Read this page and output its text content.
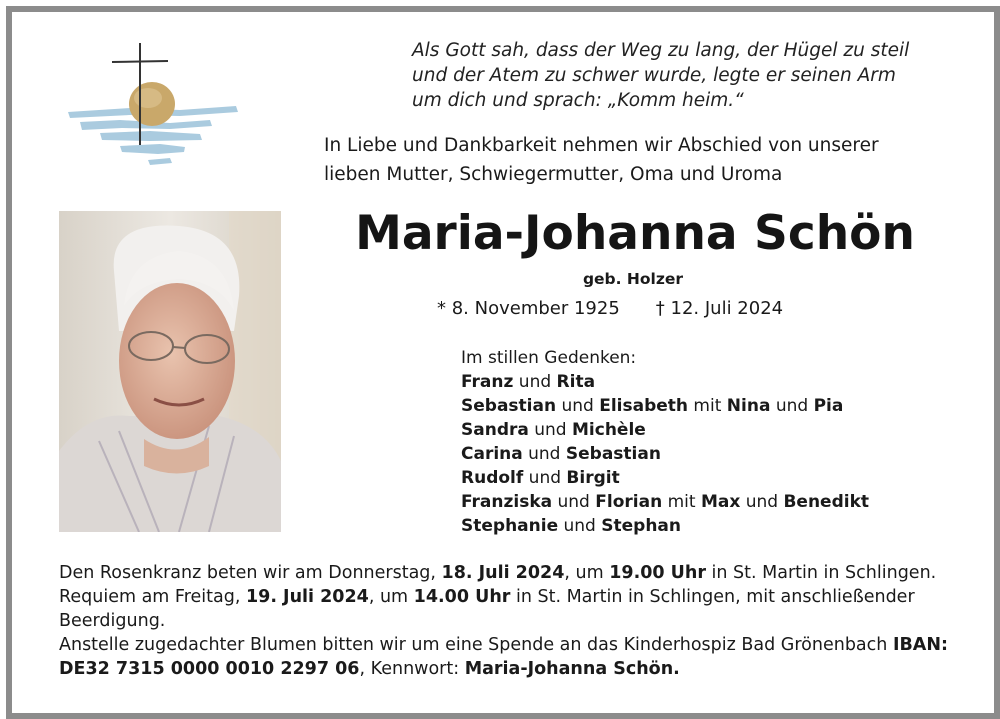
Als Gott sah, dass der Weg zu lang, der Hügel zu steil
und der Atem zu schwer wurde, legte er seinen Arm
um dich und sprach: „Komm heim.“
In Liebe und Dankbarkeit nehmen wir Abschied von unserer
lieben Mutter, Schwiegermutter, Oma und Uroma
Maria-Johanna Schön
geb. Holzer
* 8. November 1925 † 12. Juli 2024
Im stillen Gedenken:
Franz und Rita
Sebastian und Elisabeth mit Nina und Pia
Sandra und Michèle
Carina und Sebastian
Rudolf und Birgit
Franziska und Florian mit Max und Benedikt
Stephanie und Stephan

Den Rosenkranz beten wir am Donnerstag, 18. Juli 2024, um 19.00 Uhr in St. Martin in Schlingen. Requiem am Freitag, 19. Juli 2024, um 14.00 Uhr in St. Martin in Schlingen, mit anschließender Beerdigung.

Anstelle zugedachter Blumen bitten wir um eine Spende an das Kinderhospiz Bad Grönenbach IBAN: DE32 7315 0000 0010 2297 06, Kennwort: Maria-Johanna Schön.
